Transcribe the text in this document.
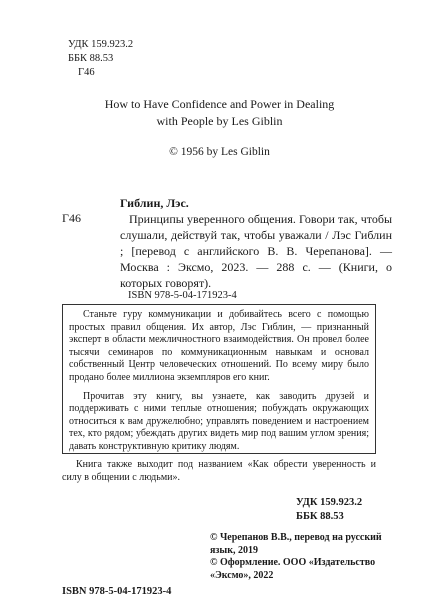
УДК 159.923.2
ББК 88.53
Г46
How to Have Confidence and Power in Dealing
with People by Les Giblin
© 1956 by Les Giblin
Гиблин, Лэс.
Г46	Принципы уверенного общения. Говори так, чтобы слушали, действуй так, чтобы уважали / Лэс Гиблин ; [перевод с английского В. В. Черепанова]. — Москва : Эксмо, 2023. — 288 с. — (Книги, о которых говорят).
ISBN 978-5-04-171923-4

Станьте гуру коммуникации и добивайтесь всего с помощью простых правил общения. Их автор, Лэс Гиблин, — признанный эксперт в области межличностного взаимодействия. Он провел более тысячи семинаров по коммуникационным навыкам и основал собственный Центр человеческих отношений. По всему миру было продано более миллиона экземпляров его книг.

Прочитав эту книгу, вы узнаете, как заводить друзей и поддерживать с ними теплые отношения; побуждать окружающих относиться к вам дружелюбно; управлять поведением и настроением тех, кто рядом; убеждать других видеть мир под вашим углом зрения; давать конструктивную критику людям.

Книга также выходит под названием «Как обрести уверенность и силу в общении с людьми».
УДК 159.923.2
ББК 88.53
© Черепанов В.В., перевод на русский язык, 2019
© Оформление. ООО «Издательство «Эксмо», 2022
ISBN 978-5-04-171923-4
